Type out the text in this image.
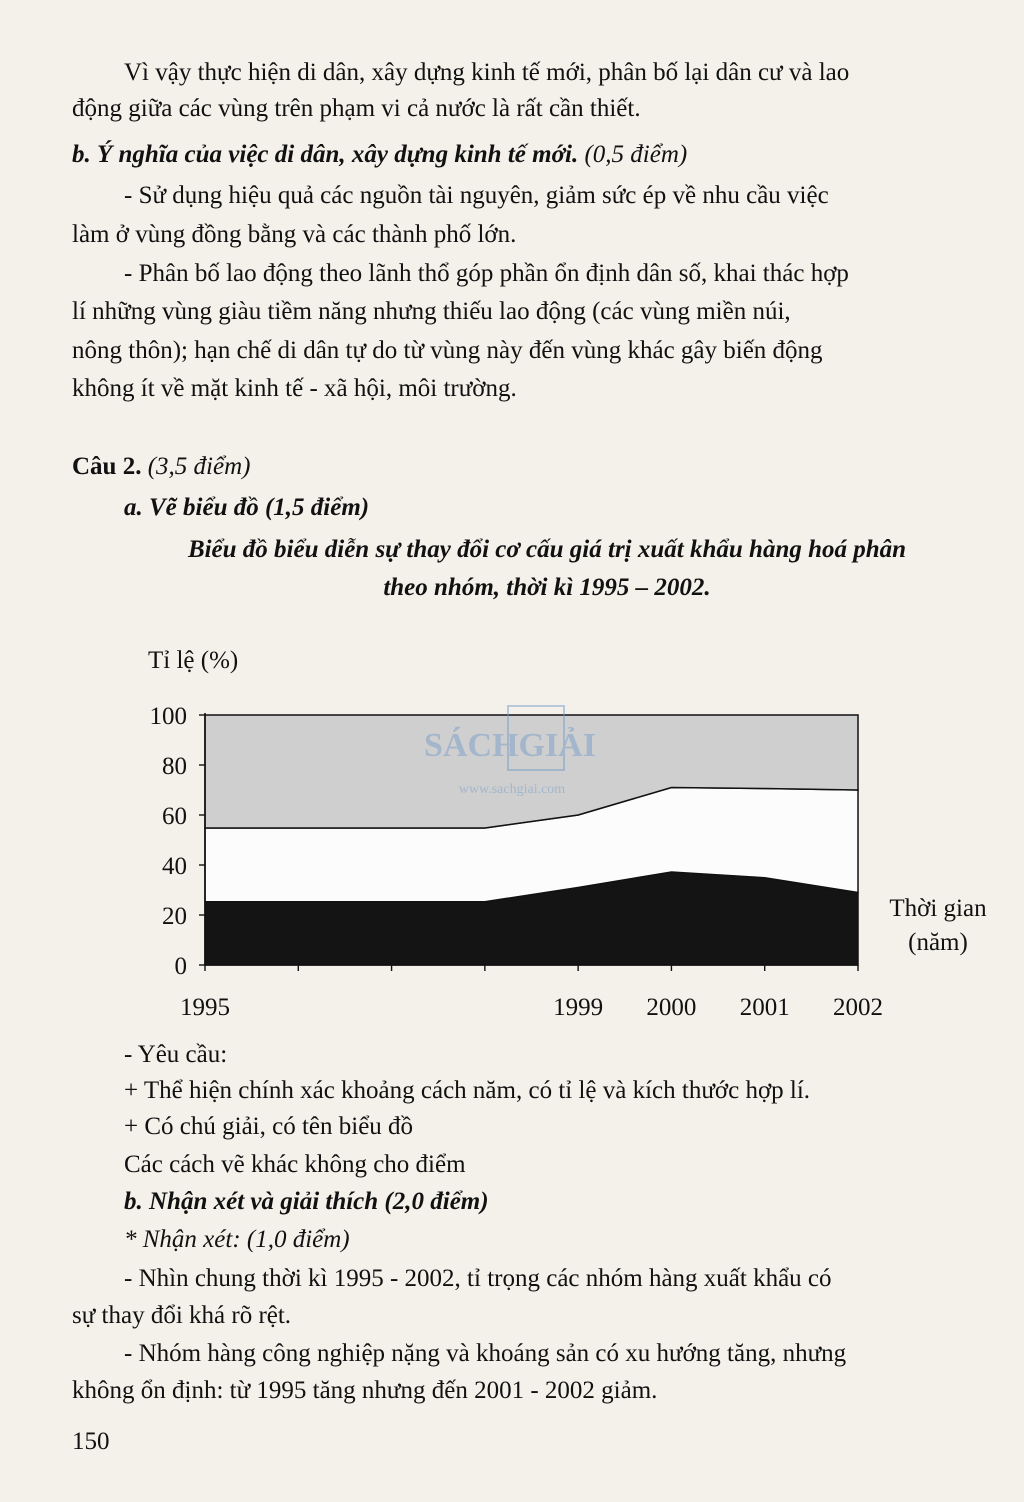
Vì vậy thực hiện di dân, xây dựng kinh tế mới, phân bố lại dân cư và lao
động giữa các vùng trên phạm vi cả nước là rất cần thiết.
b. Ý nghĩa của việc di dân, xây dựng kinh tế mới. (0,5 điểm)
- Sử dụng hiệu quả các nguồn tài nguyên, giảm sức ép về nhu cầu việc
làm ở vùng đồng bằng và các thành phố lớn.
- Phân bố lao động theo lãnh thổ góp phần ổn định dân số, khai thác hợp
lí những vùng giàu tiềm năng nhưng thiếu lao động (các vùng miền núi,
nông thôn); hạn chế di dân tự do từ vùng này đến vùng khác gây biến động
không ít về mặt kinh tế - xã hội, môi trường.
Câu 2. (3,5 điểm)
a. Vẽ biểu đồ (1,5 điểm)
Biểu đồ biểu diễn sự thay đổi cơ cấu giá trị xuất khẩu hàng hoá phân
theo nhóm, thời kì 1995 – 2002.
0
20
40
60
80
100
1995	1999 2000 2001 2002
Tỉ lệ (%)
Thời gian
(năm)
SÁCHGIẢI
www.sachgiai.com
- Yêu cầu:
+ Thể hiện chính xác khoảng cách năm, có tỉ lệ và kích thước hợp lí.
+ Có chú giải, có tên biểu đồ
Các cách vẽ khác không cho điểm
b. Nhận xét và giải thích (2,0 điểm)
* Nhận xét: (1,0 điểm)
- Nhìn chung thời kì 1995 - 2002, tỉ trọng các nhóm hàng xuất khẩu có
sự thay đổi khá rõ rệt.
- Nhóm hàng công nghiệp nặng và khoáng sản có xu hướng tăng, nhưng
không ổn định: từ 1995 tăng nhưng đến 2001 - 2002 giảm.
150
